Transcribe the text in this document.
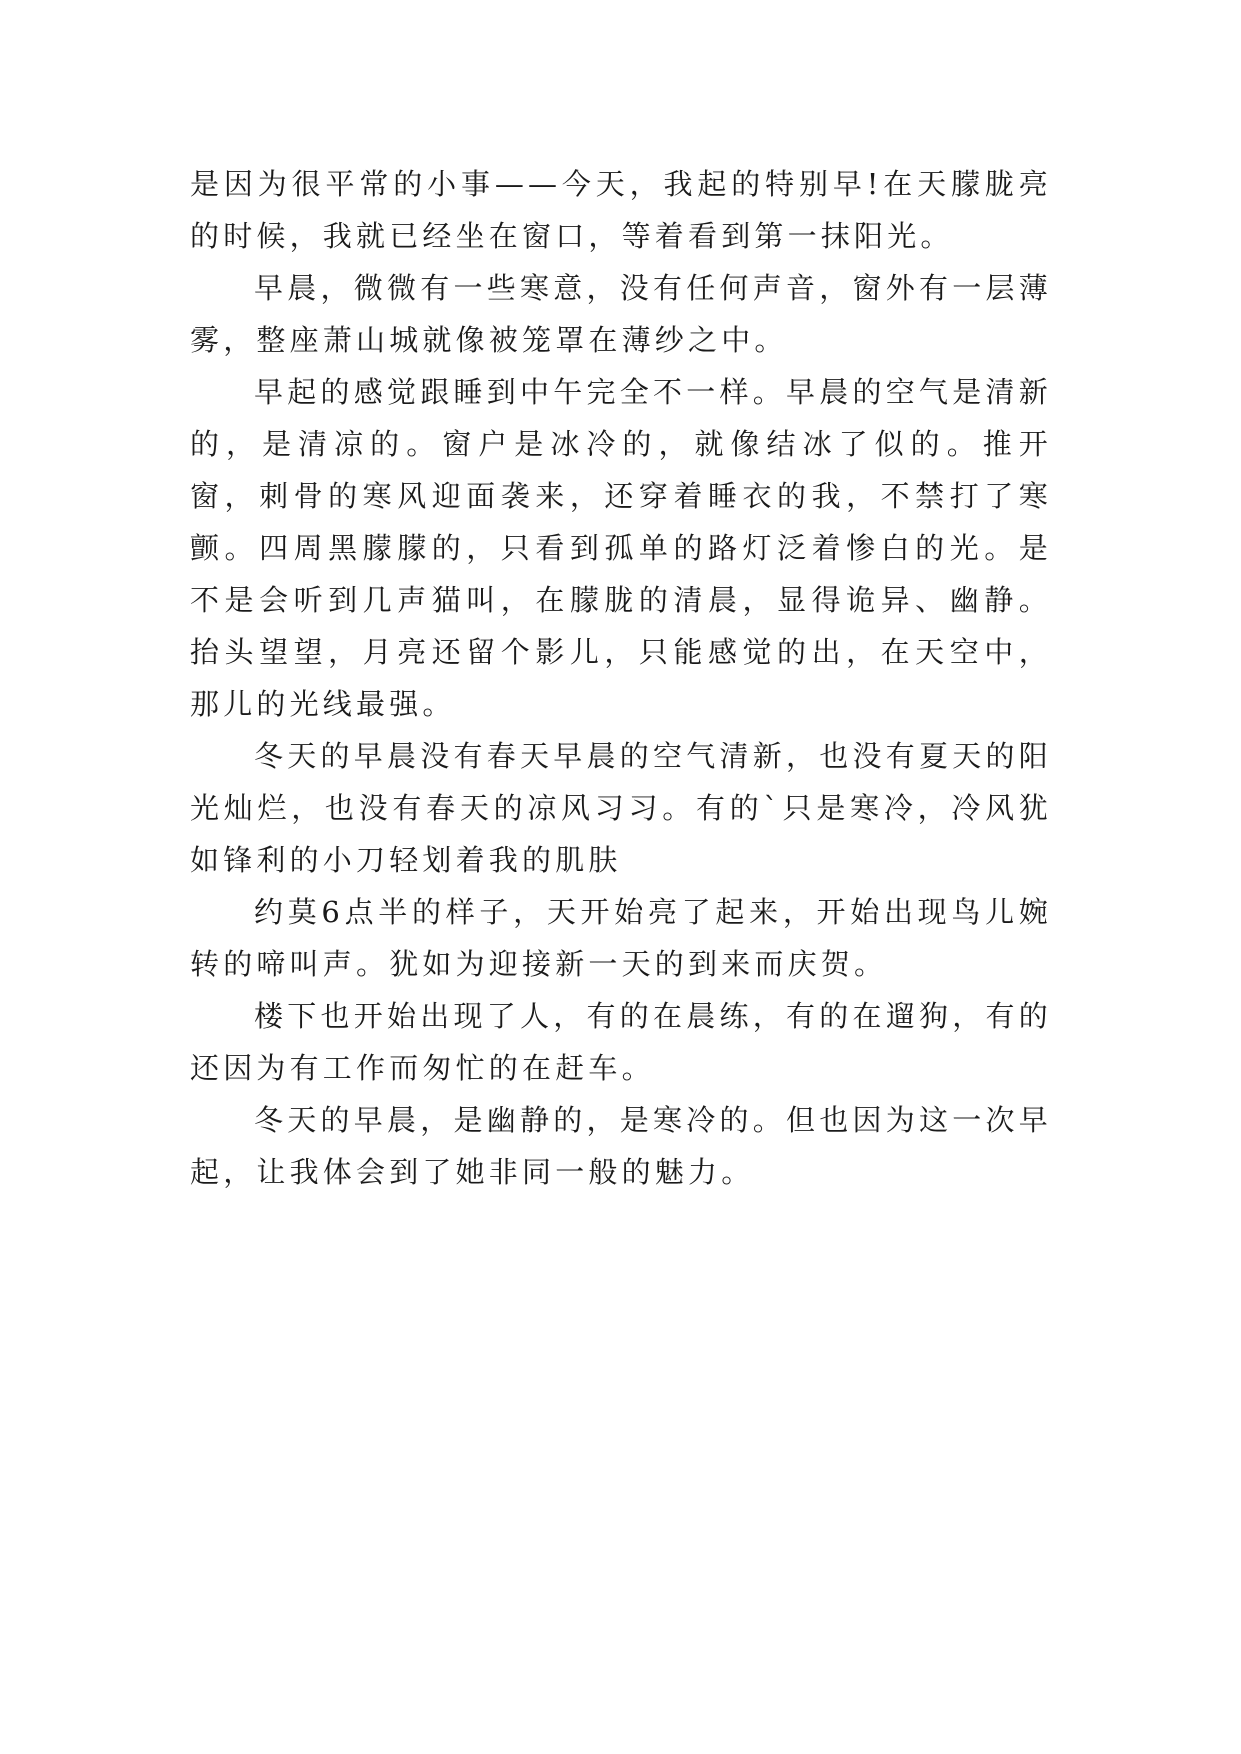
是因为很平常的小事——今天，我起的特别早!在天朦胧亮的时候，我就已经坐在窗口，等着看到第一抹阳光。

早晨，微微有一些寒意，没有任何声音，窗外有一层薄雾，整座萧山城就像被笼罩在薄纱之中。

早起的感觉跟睡到中午完全不一样。早晨的空气是清新的，是清凉的。窗户是冰冷的，就像结冰了似的。推开窗，刺骨的寒风迎面袭来，还穿着睡衣的我，不禁打了寒颤。四周黑朦朦的，只看到孤单的路灯泛着惨白的光。是不是会听到几声猫叫，在朦胧的清晨，显得诡异、幽静。抬头望望，月亮还留个影儿，只能感觉的出，在天空中，那儿的光线最强。

冬天的早晨没有春天早晨的空气清新，也没有夏天的阳光灿烂，也没有春天的凉风习习。有的`只是寒冷，冷风犹如锋利的小刀轻划着我的肌肤

约莫6点半的样子，天开始亮了起来，开始出现鸟儿婉转的啼叫声。犹如为迎接新一天的到来而庆贺。

楼下也开始出现了人，有的在晨练，有的在遛狗，有的还因为有工作而匆忙的在赶车。

冬天的早晨，是幽静的，是寒冷的。但也因为这一次早起，让我体会到了她非同一般的魅力。
